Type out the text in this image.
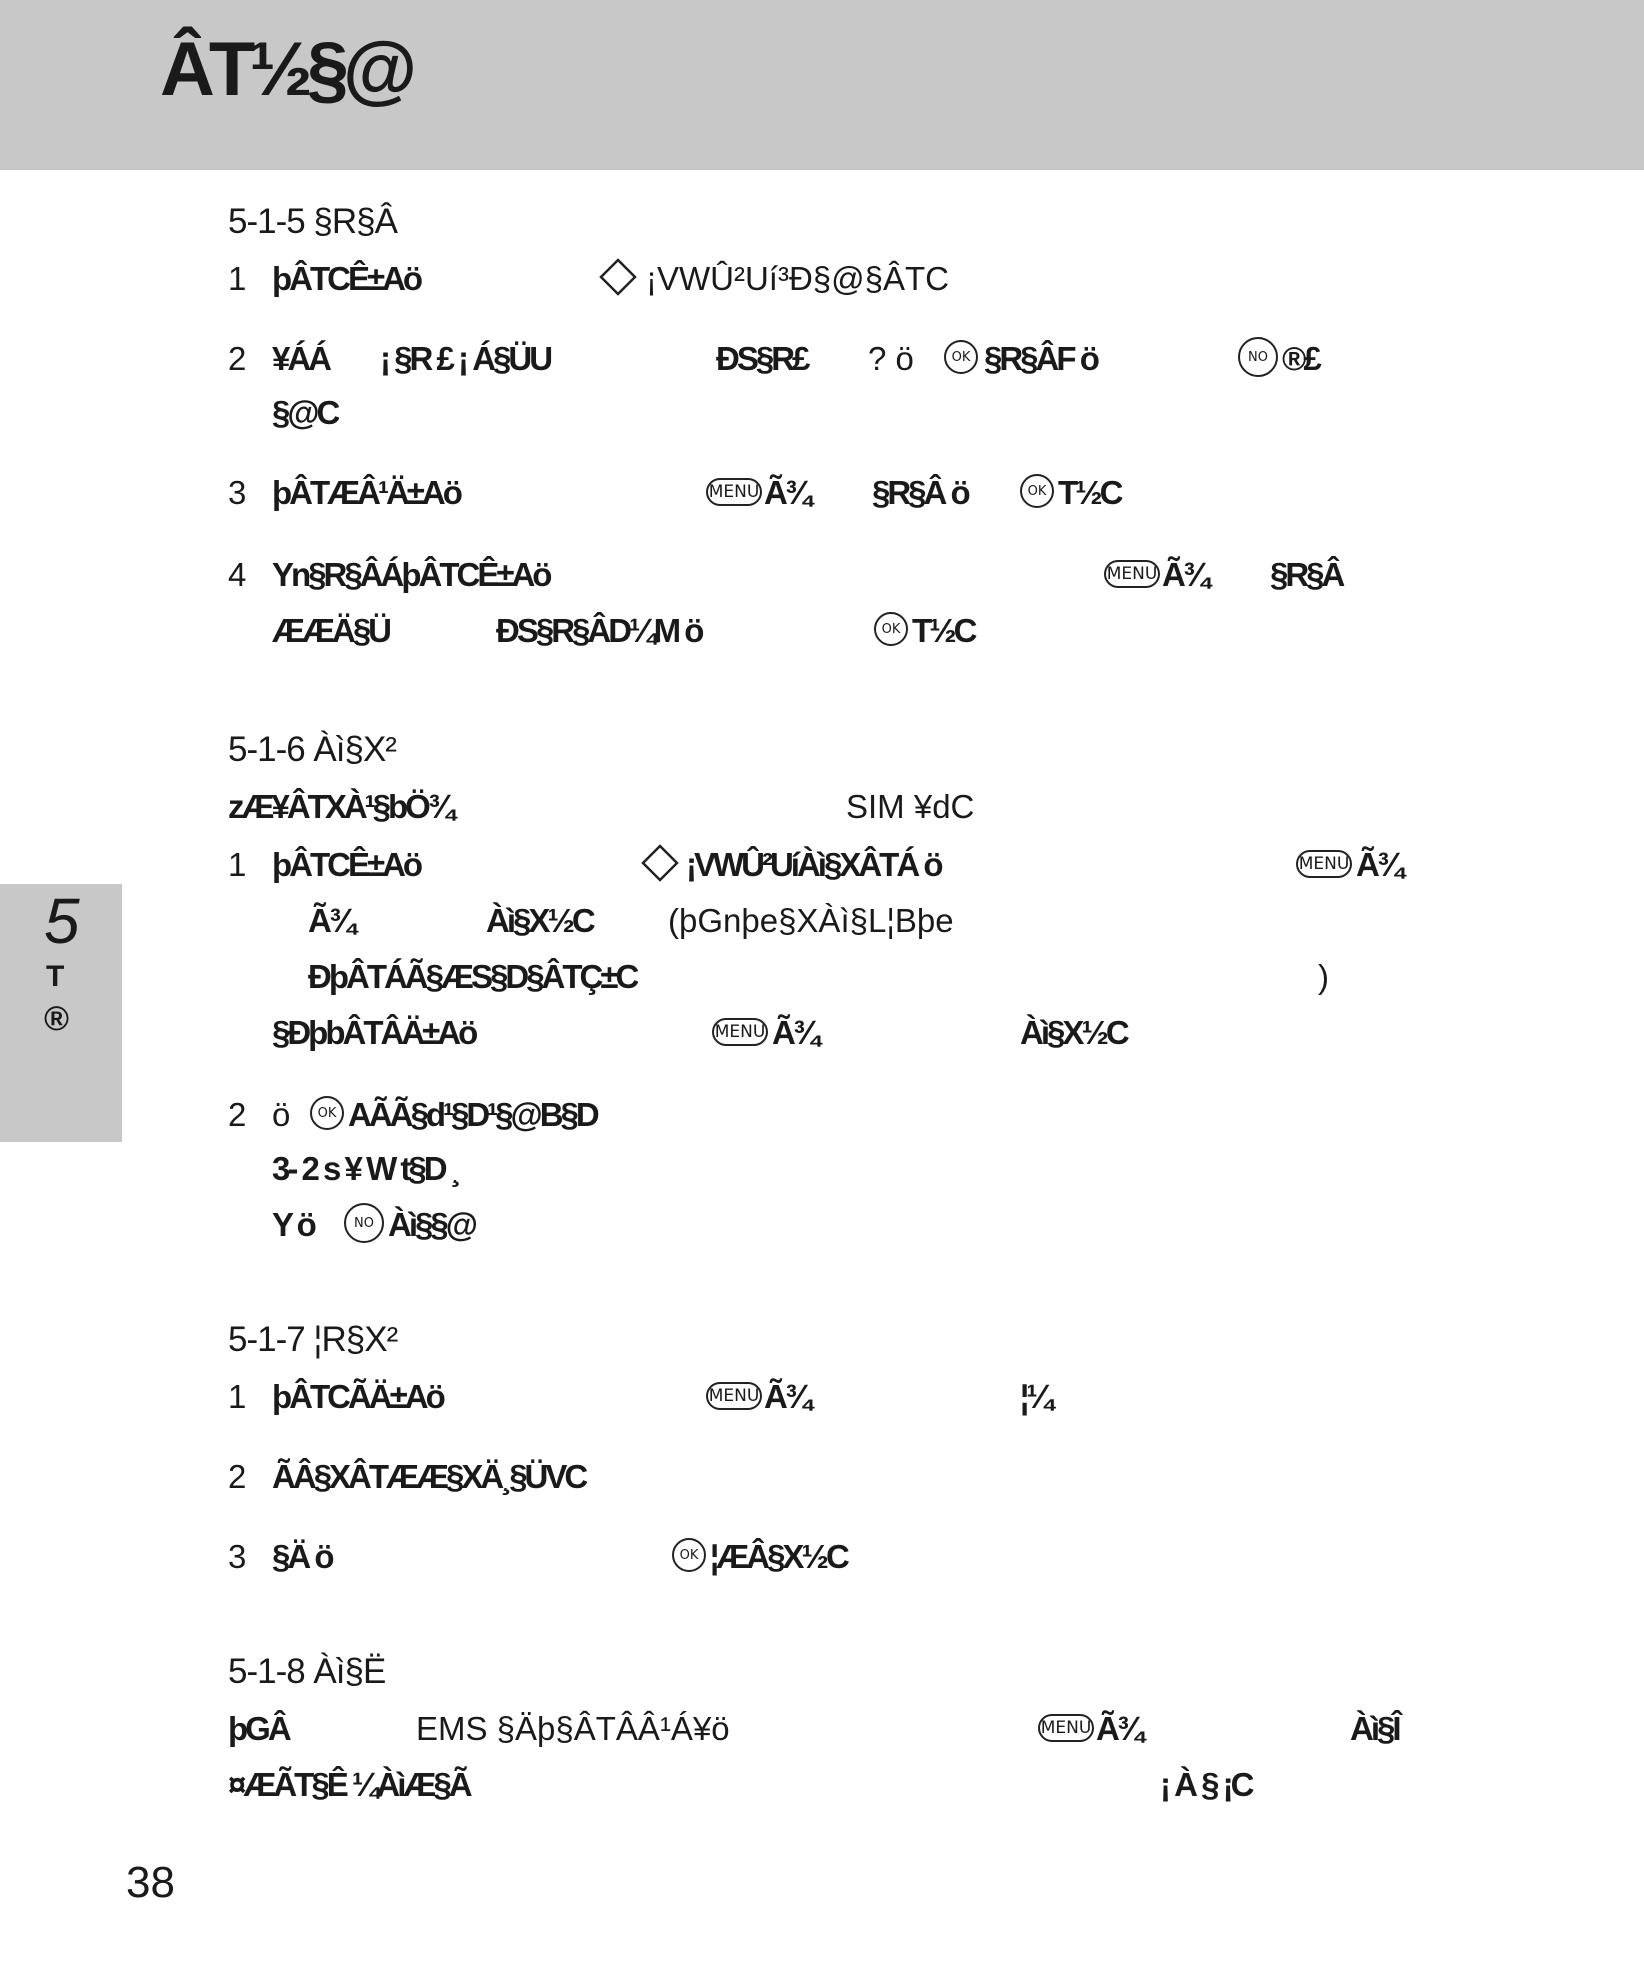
ÂT½§@
5
T
®
5-1-5 §R§Â
1 þÂTCÊ±Aö	¡VWÛ²Uí³Ð§@§ÂTC
2 ¥ÁÁ ¡ §R £ ¡ Á§ÜU	ÐS§R£ ? ö	OK §R§ÂF ö	NO ®£
§@C
3 þÂTÆÂ¹Ä±Aö	MENU Ã¾ §R§Â ö	OK T½C
4 Yn§R§ÂÁþÂTCÊ±Aö	MENU Ã¾ §R§Â
ÆÆÄ§Ü	ÐS§R§ÂD¼M ö	OK T½C
5-1-6 Àì§X²
zÆ¥ÂTXÀ¹§bÖ¾	SIM ¥dC
1 þÂTCÊ±Aö	¡VWÛ²UíÀì§XÂTÁ ö	MENU Ã¾
Ã¾	Àì§X½C (þGnþe§XÀì§L¦Bþe
ÐþÂTÁÃ§ÆS§D§ÂTÇ±C	)
§ÐþbÂTÂÄ±Aö	MENU Ã¾	Àì§X½C
2 ö	OK AÃÃ§d¹§D¹§@B§D
3- 2 s ¥ W t§D ¸
Y ö	NO Àì§§@
5-1-7 ¦R§X²
1 þÂTCÃÄ±Aö	MENU Ã¾	¦¼
2 ÃÂ§XÂTÆÆ§XÄ¸§ÜVC
3 §Ä ö	OK ¦ÆÂ§X½C
5-1-8 Àì§Ë
þGÂ	EMS §Äþ§ÂTÂÂ¹Á¥ö	MENU Ã¾	Àì§Î
¤ÆÃT§Ê ¼ÀìÆ§Ã	¡ À § ¡C
38
